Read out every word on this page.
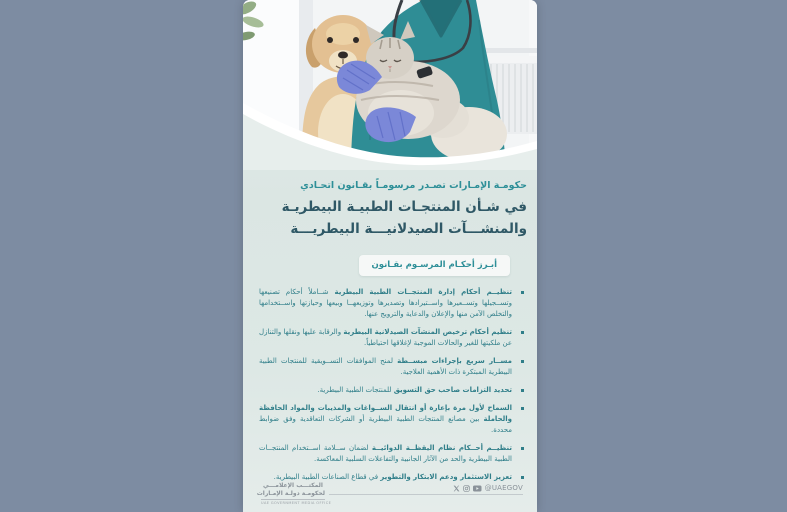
حكومـة الإمـارات تصـدر مرسومـاً بقـانون اتحـادي

في شـأن المنتجـات الطبيـة البيطريـة

والمنشـــآت الصيدلانيـــة البيطريـــة

أبـرز أحكـام المرسـوم بقـانون
تنظيــم أحكام إدارة المنتجــات الطبية البيطرية شــاملاً أحكام تصنيعها وتســجيلها وتســعيرها واســتيرادها وتصديرها وتوزيعهــا وبيعها وحيازتها واســتخدامها والتخلص الآمن منها والإعلان والدعاية والترويج عنها.
تنظيم أحكام ترخيص المنشآت الصيدلانية البيطرية والرقابة عليها ونقلها والتنازل عن ملكيتها للغير والحالات الموجبة لإغلاقها احتياطياً.
مســار سريع بإجراءات مبســطة لمنح الموافقات التســويقية للمنتجات الطبية البيطرية المبتكرة ذات الأهمية العلاجية.
تحديد التزامات صاحب حق التسويق للمنتجات الطبية البيطرية.
السماح لأول مرة بإعارة أو انتقال الســواغات والمذيبات والمواد الحافظة والحاملة بين مصانع المنتجات الطبية البيطرية أو الشركات التعاقدية وفق ضوابط محددة.
تنظيــم أحــكام نظام اليقظــة الدوائيــة لضمان ســلامة اســتخدام المنتجــات الطبية البيطرية والحد من الآثار الجانبية والتفاعلات السلبية المعاكسة.
تعزيز الاستثمار ودعم الابتكار والتطوير في قطاع الصناعات الطبية البيطرية.
المكتـــب الإعلامـــي
لحكومـة دولـة الإمـارات
UAE GOVERNMENT MEDIA OFFICE
@UAEGOV
